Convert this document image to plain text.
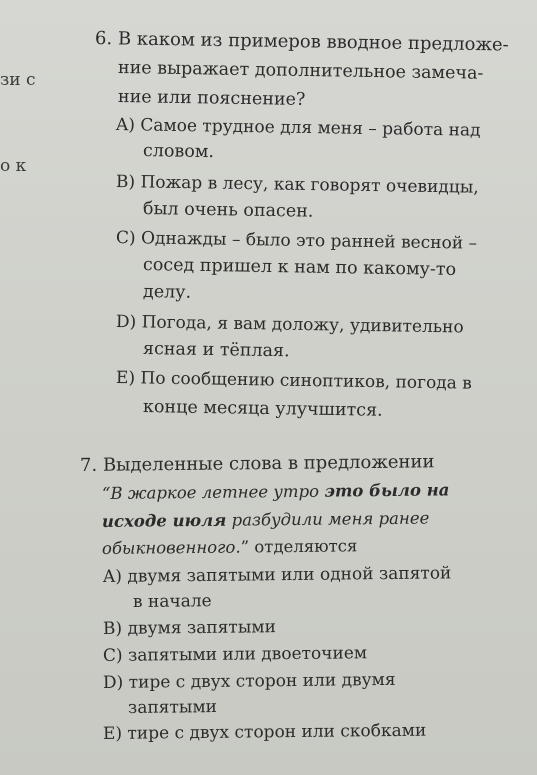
зи с
о к
6. В каком из примеров вводное предложе-
ние выражает дополнительное замеча-
ние или пояснение?
A) Самое трудное для меня – работа над
словом.
B) Пожар в лесу, как говорят очевидцы,
был очень опасен.
C) Однажды – было это ранней весной –
сосед пришел к нам по какому-то
делу.
D) Погода, я вам доложу, удивительно
ясная и тёплая.
E) По сообщению синоптиков, погода в
конце месяца улучшится.
7. Выделенные слова в предложении
“В жаркое летнее утро это было на
исходе июля разбудили меня ранее
обыкновенного.” отделяются
A) двумя запятыми или одной запятой
в начале
B) двумя запятыми
C) запятыми или двоеточием
D) тире с двух сторон или двумя
запятыми
E) тире с двух сторон или скобками
